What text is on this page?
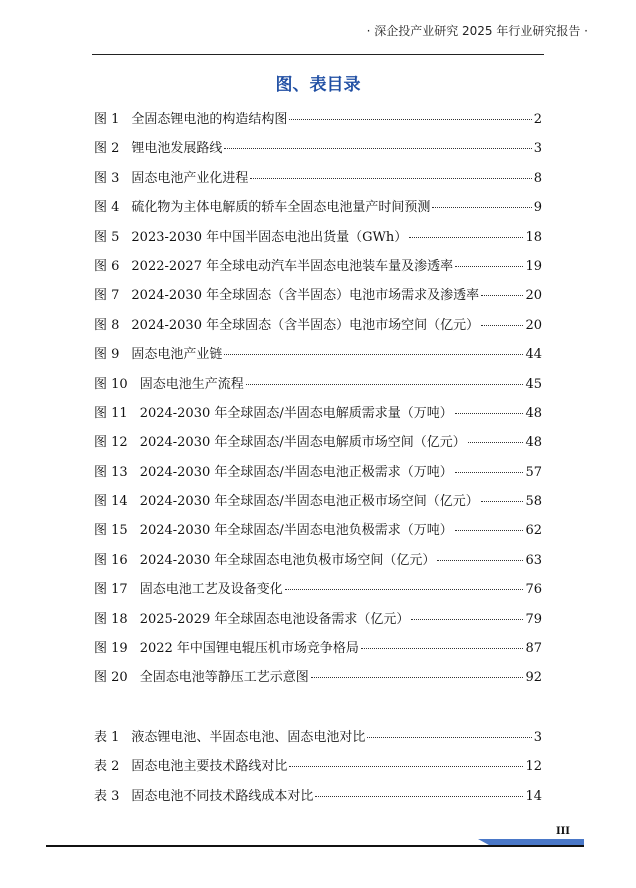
· 深企投产业研究 2025 年行业研究报告 ·
图、表目录
图 1 全固态锂电池的构造结构图	2
图 2 锂电池发展路线	3
图 3 固态电池产业化进程	8
图 4 硫化物为主体电解质的轿车全固态电池量产时间预测	9
图 5 2023-2030 年中国半固态电池出货量（GWh）	18
图 6 2022-2027 年全球电动汽车半固态电池装车量及渗透率	19
图 7 2024-2030 年全球固态（含半固态）电池市场需求及渗透率	20
图 8 2024-2030 年全球固态（含半固态）电池市场空间（亿元）	20
图 9 固态电池产业链	44
图 10 固态电池生产流程	45
图 11 2024-2030 年全球固态/半固态电解质需求量（万吨）	48
图 12 2024-2030 年全球固态/半固态电解质市场空间（亿元）	48
图 13 2024-2030 年全球固态/半固态电池正极需求（万吨）	57
图 14 2024-2030 年全球固态/半固态电池正极市场空间（亿元）	58
图 15 2024-2030 年全球固态/半固态电池负极需求（万吨）	62
图 16 2024-2030 年全球固态电池负极市场空间（亿元）	63
图 17 固态电池工艺及设备变化	76
图 18 2025-2029 年全球固态电池设备需求（亿元）	79
图 19 2022 年中国锂电辊压机市场竞争格局	87
图 20 全固态电池等静压工艺示意图	92
表 1 液态锂电池、半固态电池、固态电池对比	3
表 2 固态电池主要技术路线对比	12
表 3 固态电池不同技术路线成本对比	14
III
